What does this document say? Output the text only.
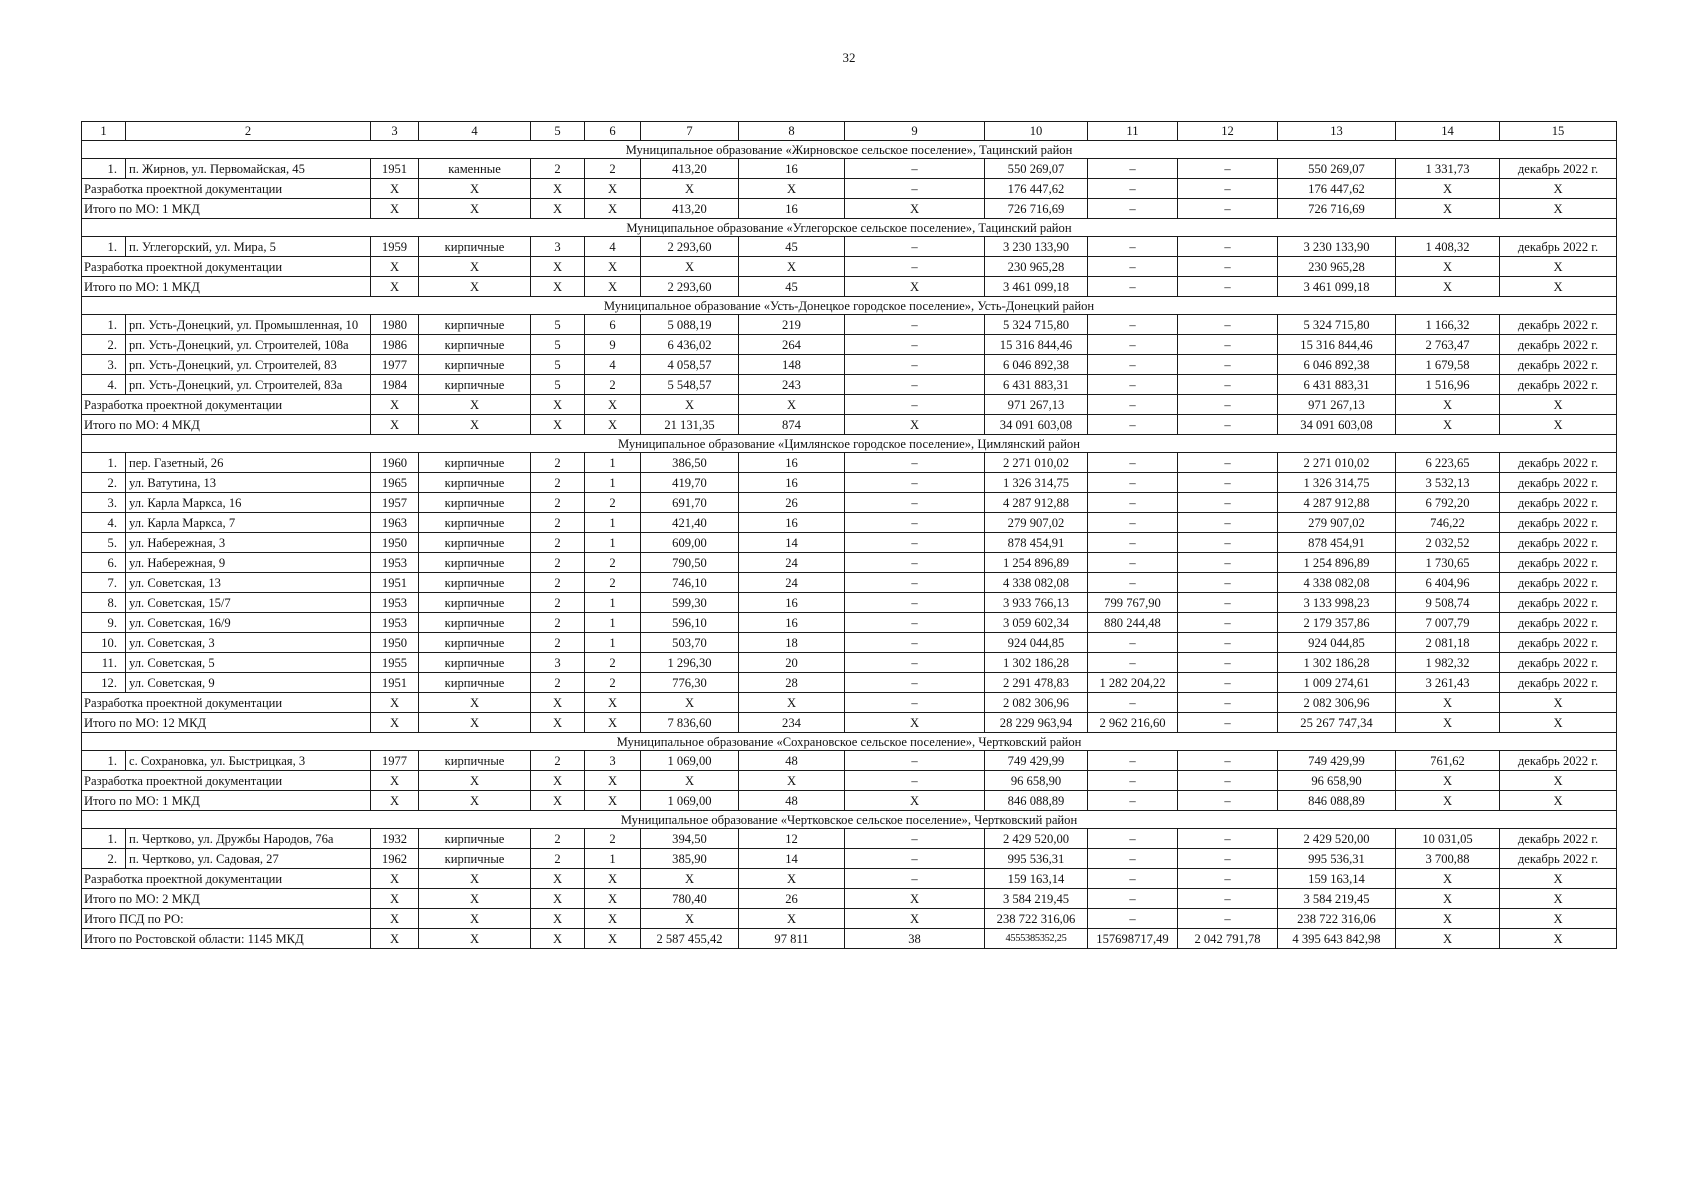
32
1	2	3	4	5	6	7	8	9	10	11	12	13	14	15
Муниципальное образование «Жирновское сельское поселение», Тацинский район														
1.	п. Жирнов, ул. Первомайская, 45	1951	каменные	2	2	413,20	16	–	550 269,07	–	–	550 269,07	1 331,73	декабрь 2022 г.
Разработка проектной документации		X	X	X	X	X	X	–	176 447,62	–	–	176 447,62	X	X
Итого по МО: 1 МКД		X	X	X	X	413,20	16	X	726 716,69	–	–	726 716,69	X	X
Муниципальное образование «Углегорское сельское поселение», Тацинский район														
1.	п. Углегорский, ул. Мира, 5	1959	кирпичные	3	4	2 293,60	45	–	3 230 133,90	–	–	3 230 133,90	1 408,32	декабрь 2022 г.
Разработка проектной документации		X	X	X	X	X	X	–	230 965,28	–	–	230 965,28	X	X
Итого по МО: 1 МКД		X	X	X	X	2 293,60	45	X	3 461 099,18	–	–	3 461 099,18	X	X
Муниципальное образование «Усть-Донецкое городское поселение», Усть-Донецкий район														
1.	рп. Усть-Донецкий, ул. Промышленная, 10	1980	кирпичные	5	6	5 088,19	219	–	5 324 715,80	–	–	5 324 715,80	1 166,32	декабрь 2022 г.
2.	рп. Усть-Донецкий, ул. Строителей, 108а	1986	кирпичные	5	9	6 436,02	264	–	15 316 844,46	–	–	15 316 844,46	2 763,47	декабрь 2022 г.
3.	рп. Усть-Донецкий, ул. Строителей, 83	1977	кирпичные	5	4	4 058,57	148	–	6 046 892,38	–	–	6 046 892,38	1 679,58	декабрь 2022 г.
4.	рп. Усть-Донецкий, ул. Строителей, 83а	1984	кирпичные	5	2	5 548,57	243	–	6 431 883,31	–	–	6 431 883,31	1 516,96	декабрь 2022 г.
Разработка проектной документации		X	X	X	X	X	X	–	971 267,13	–	–	971 267,13	X	X
Итого по МО: 4 МКД		X	X	X	X	21 131,35	874	X	34 091 603,08	–	–	34 091 603,08	X	X
Муниципальное образование «Цимлянское городское поселение», Цимлянский район														
1.	пер. Газетный, 26	1960	кирпичные	2	1	386,50	16	–	2 271 010,02	–	–	2 271 010,02	6 223,65	декабрь 2022 г.
2.	ул. Ватутина, 13	1965	кирпичные	2	1	419,70	16	–	1 326 314,75	–	–	1 326 314,75	3 532,13	декабрь 2022 г.
3.	ул. Карла Маркса, 16	1957	кирпичные	2	2	691,70	26	–	4 287 912,88	–	–	4 287 912,88	6 792,20	декабрь 2022 г.
4.	ул. Карла Маркса, 7	1963	кирпичные	2	1	421,40	16	–	279 907,02	–	–	279 907,02	746,22	декабрь 2022 г.
5.	ул. Набережная, 3	1950	кирпичные	2	1	609,00	14	–	878 454,91	–	–	878 454,91	2 032,52	декабрь 2022 г.
6.	ул. Набережная, 9	1953	кирпичные	2	2	790,50	24	–	1 254 896,89	–	–	1 254 896,89	1 730,65	декабрь 2022 г.
7.	ул. Советская, 13	1951	кирпичные	2	2	746,10	24	–	4 338 082,08	–	–	4 338 082,08	6 404,96	декабрь 2022 г.
8.	ул. Советская, 15/7	1953	кирпичные	2	1	599,30	16	–	3 933 766,13	799 767,90	–	3 133 998,23	9 508,74	декабрь 2022 г.
9.	ул. Советская, 16/9	1953	кирпичные	2	1	596,10	16	–	3 059 602,34	880 244,48	–	2 179 357,86	7 007,79	декабрь 2022 г.
10.	ул. Советская, 3	1950	кирпичные	2	1	503,70	18	–	924 044,85	–	–	924 044,85	2 081,18	декабрь 2022 г.
11.	ул. Советская, 5	1955	кирпичные	3	2	1 296,30	20	–	1 302 186,28	–	–	1 302 186,28	1 982,32	декабрь 2022 г.
12.	ул. Советская, 9	1951	кирпичные	2	2	776,30	28	–	2 291 478,83	1 282 204,22	–	1 009 274,61	3 261,43	декабрь 2022 г.
Разработка проектной документации		X	X	X	X	X	X	–	2 082 306,96	–	–	2 082 306,96	X	X
Итого по МО: 12 МКД		X	X	X	X	7 836,60	234	X	28 229 963,94	2 962 216,60	–	25 267 747,34	X	X
Муниципальное образование «Сохрановское сельское поселение», Чертковский район														
1.	с. Сохрановка, ул. Быстрицкая, 3	1977	кирпичные	2	3	1 069,00	48	–	749 429,99	–	–	749 429,99	761,62	декабрь 2022 г.
Разработка проектной документации		X	X	X	X	X	X	–	96 658,90	–	–	96 658,90	X	X
Итого по МО: 1 МКД		X	X	X	X	1 069,00	48	X	846 088,89	–	–	846 088,89	X	X
Муниципальное образование «Чертковское сельское поселение», Чертковский район														
1.	п. Чертково, ул. Дружбы Народов, 76а	1932	кирпичные	2	2	394,50	12	–	2 429 520,00	–	–	2 429 520,00	10 031,05	декабрь 2022 г.
2.	п. Чертково, ул. Садовая, 27	1962	кирпичные	2	1	385,90	14	–	995 536,31	–	–	995 536,31	3 700,88	декабрь 2022 г.
Разработка проектной документации		X	X	X	X	X	X	–	159 163,14	–	–	159 163,14	X	X
Итого по МО: 2 МКД		X	X	X	X	780,40	26	X	3 584 219,45	–	–	3 584 219,45	X	X
Итого ПСД по РО:		X	X	X	X	X	X	X	238 722 316,06	–	–	238 722 316,06	X	X
Итого по Ростовской области: 1145 МКД		X	X	X	X	2 587 455,42	97 811	38	4555385352,25	157698717,49	2 042 791,78	4 395 643 842,98	X	X
